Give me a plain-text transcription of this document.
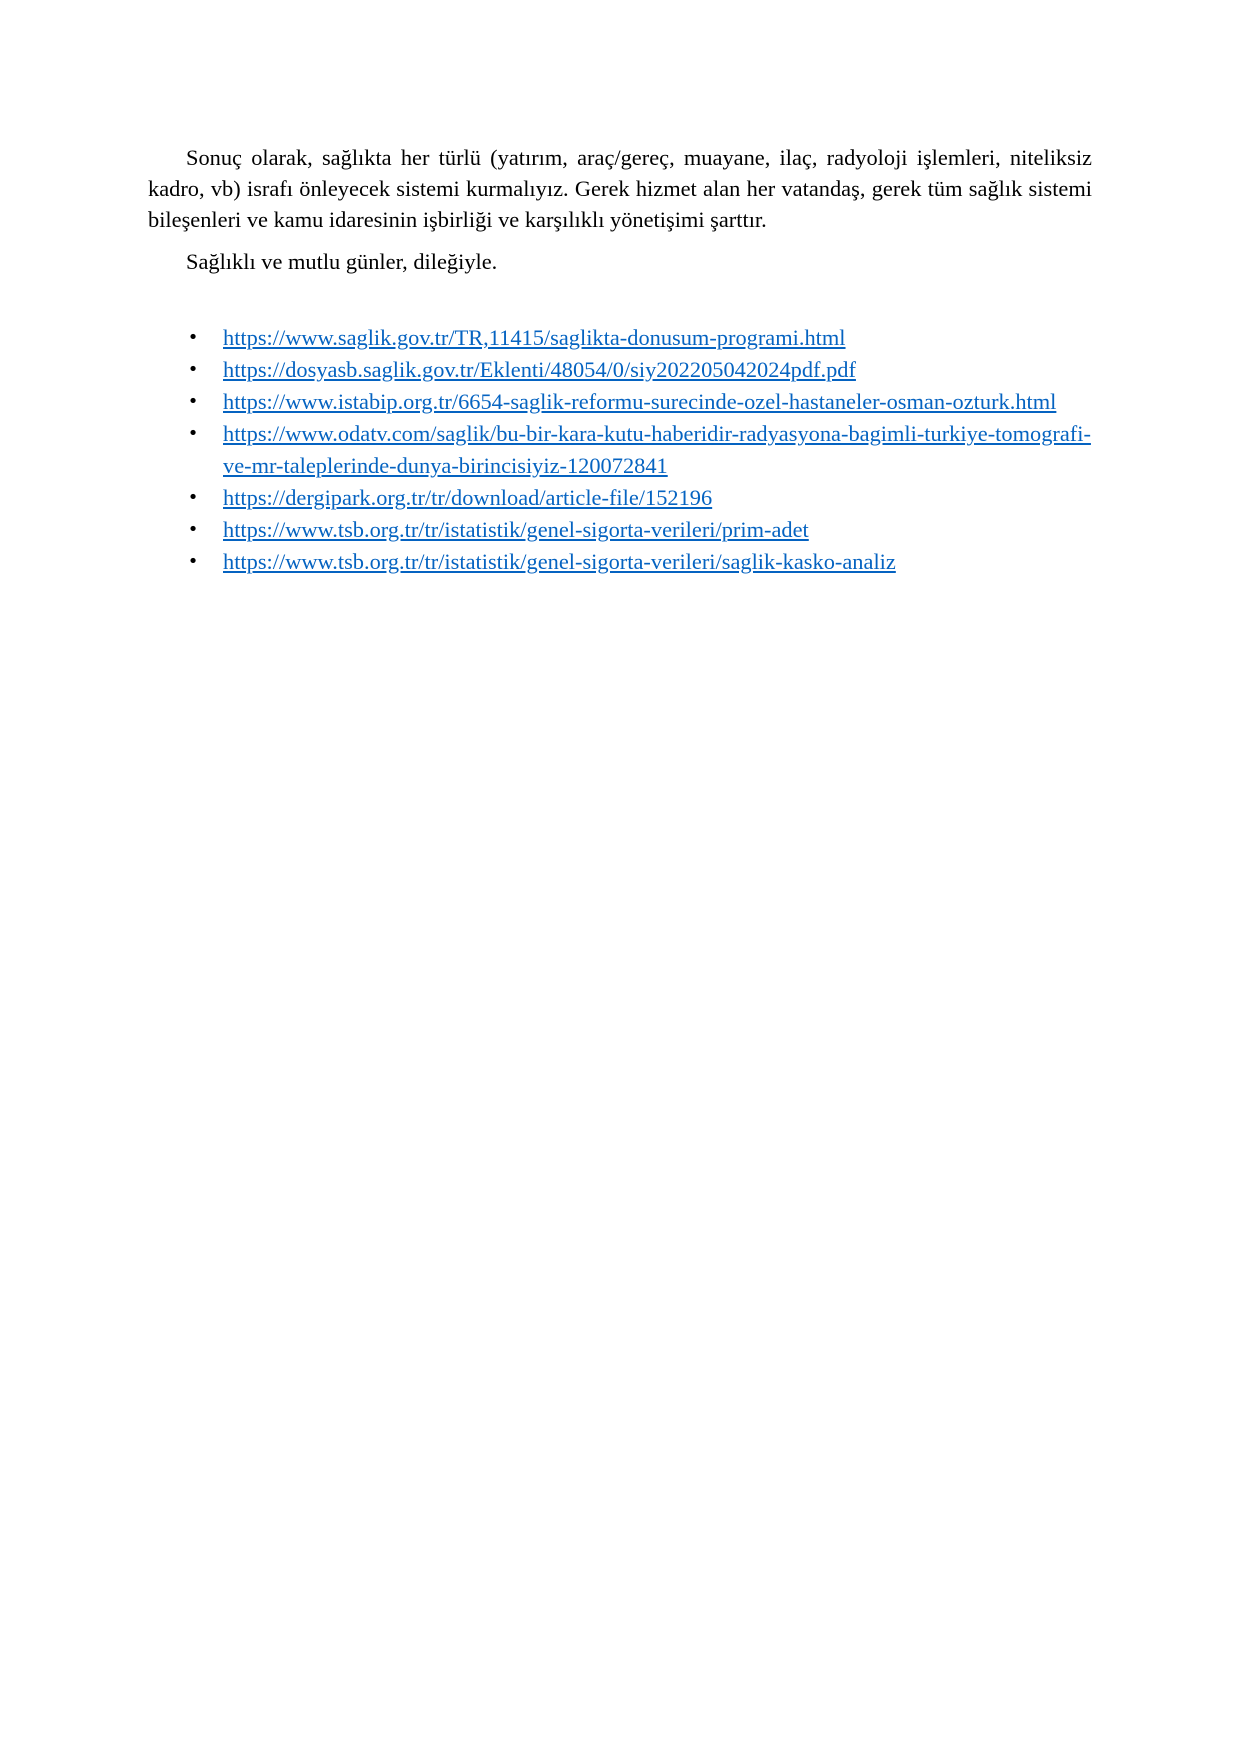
Sonuç olarak, sağlıkta her türlü (yatırım, araç/gereç, muayane, ilaç, radyoloji işlemleri, niteliksiz kadro, vb) israfı önleyecek sistemi kurmalıyız. Gerek hizmet alan her vatandaş, gerek tüm sağlık sistemi bileşenleri ve kamu idaresinin işbirliği ve karşılıklı yönetişimi şarttır.

Sağlıklı ve mutlu günler, dileğiyle.

• https://www.saglik.gov.tr/TR,11415/saglikta-donusum-programi.html
• https://dosyasb.saglik.gov.tr/Eklenti/48054/0/siy202205042024pdf.pdf
• https://www.istabip.org.tr/6654-saglik-reformu-surecinde-ozel-hastaneler-osman-ozturk.html
• https://www.odatv.com/saglik/bu-bir-kara-kutu-haberidir-radyasyona-bagimli-turkiye-tomografi-ve-mr-taleplerinde-dunya-birincisiyiz-120072841
• https://dergipark.org.tr/tr/download/article-file/152196
• https://www.tsb.org.tr/tr/istatistik/genel-sigorta-verileri/prim-adet
• https://www.tsb.org.tr/tr/istatistik/genel-sigorta-verileri/saglik-kasko-analiz
